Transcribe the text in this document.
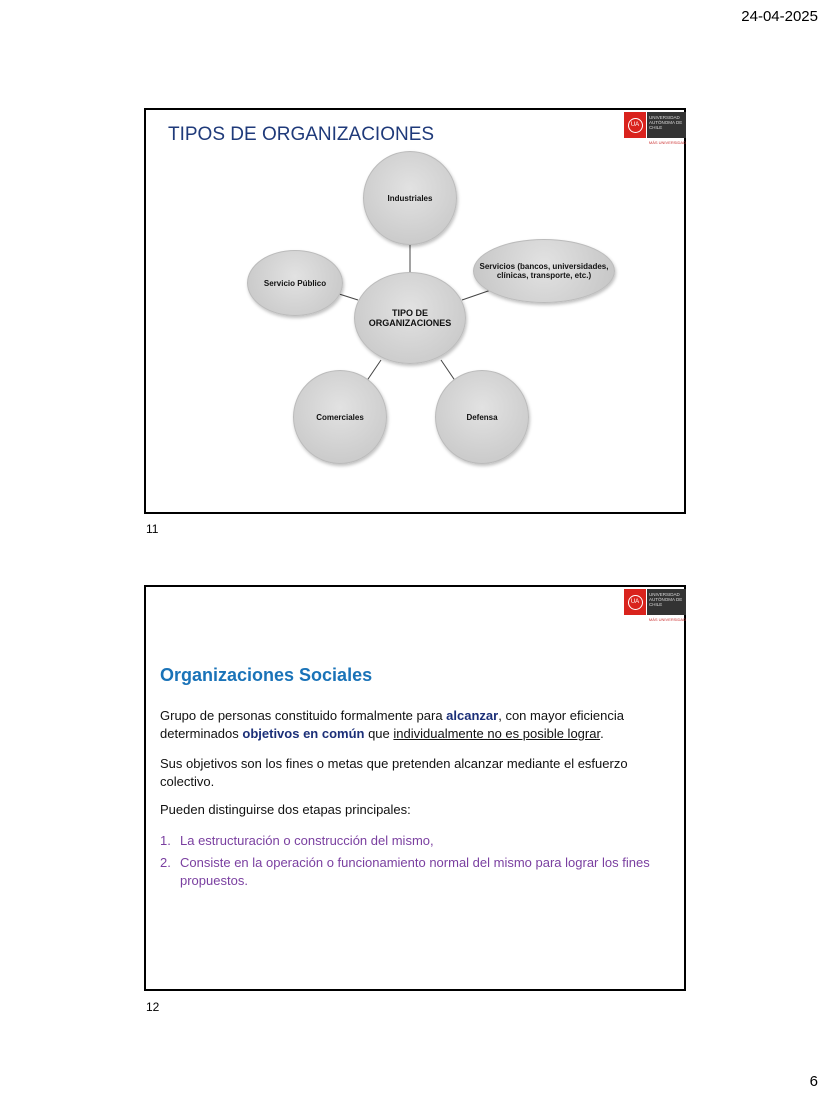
24-04-2025
UA
UNIVERSIDAD AUTÓNOMA DE CHILE
MÁS UNIVERSIDAD
TIPOS DE ORGANIZACIONES
Industriales
Servicios (bancos, universidades, clínicas, transporte, etc.)
Defensa
Comerciales
Servicio Público
TIPO DE ORGANIZACIONES
11
UA
UNIVERSIDAD AUTÓNOMA DE CHILE
MÁS UNIVERSIDAD
Organizaciones Sociales
Grupo de personas constituido formalmente para alcanzar, con mayor eficiencia determinados objetivos en común que individualmente no es posible lograr.
Sus objetivos son los fines o metas que pretenden alcanzar mediante el esfuerzo colectivo.
Pueden distinguirse dos etapas principales:
1. La estructuración o construcción del mismo,
2. Consiste en la operación o funcionamiento normal del mismo para lograr los fines propuestos.
12
6
